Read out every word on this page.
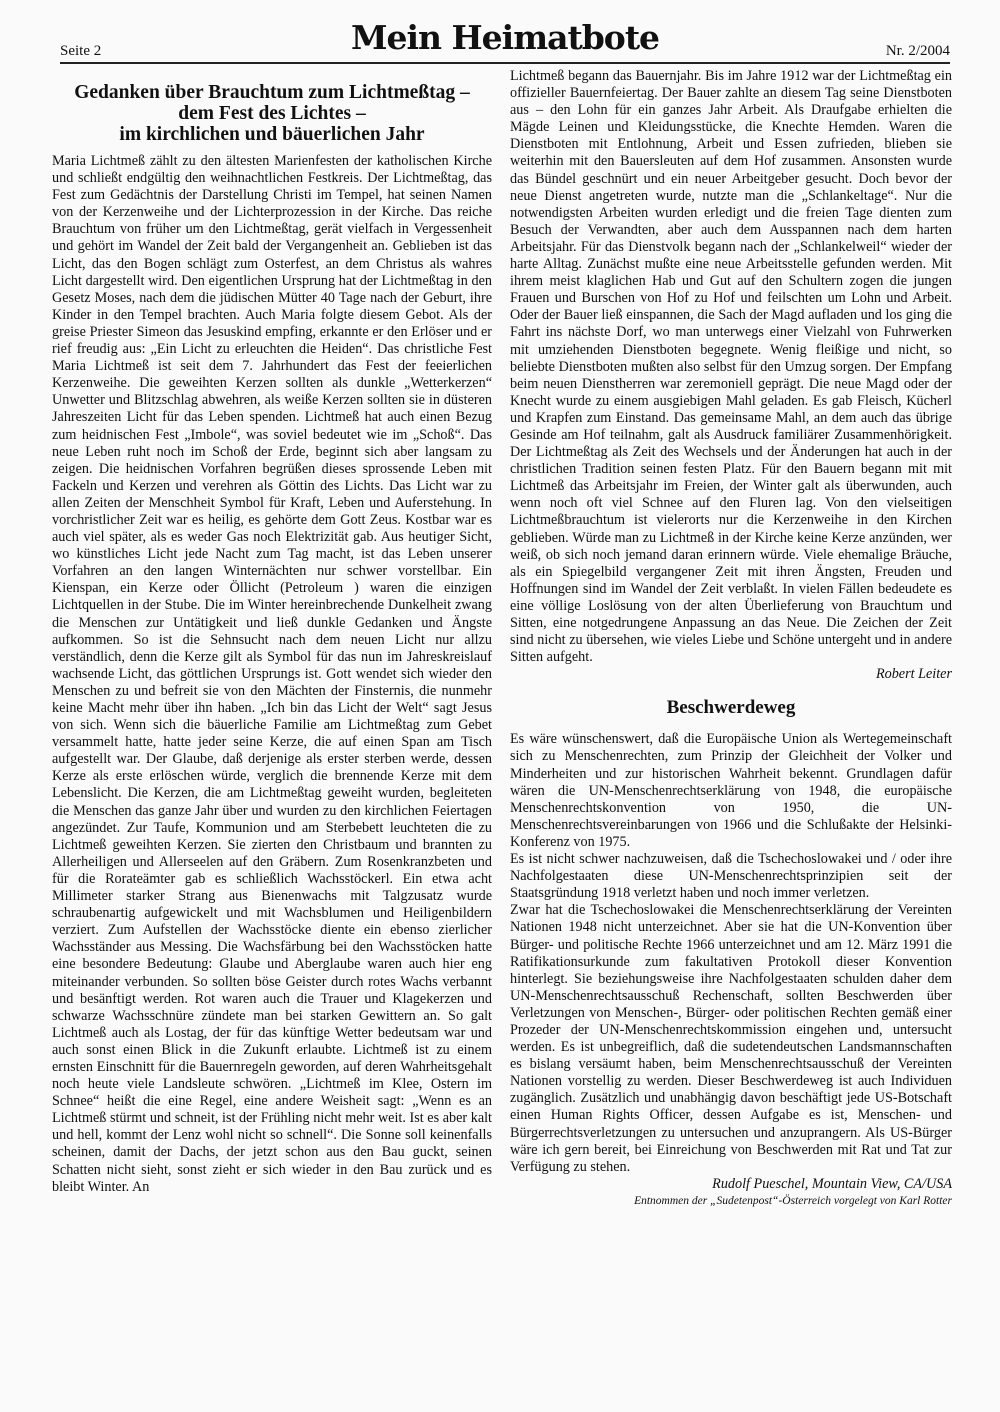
Seite 2	Mein Heimatbote	Nr. 2/2004
Gedanken über Brauchtum zum Lichtmeßtag –
dem Fest des Lichtes –
im kirchlichen und bäuerlichen Jahr

Maria Lichtmeß zählt zu den ältesten Marienfesten der katholischen Kirche und schließt endgültig den weihnachtlichen Festkreis. Der Lichtmeßtag, das Fest zum Gedächtnis der Darstellung Christi im Tempel, hat seinen Namen von der Kerzenweihe und der Lichterprozession in der Kirche. Das reiche Brauchtum von früher um den Lichtmeßtag, gerät vielfach in Vergessenheit und gehört im Wandel der Zeit bald der Vergangenheit an. Geblieben ist das Licht, das den Bogen schlägt zum Osterfest, an dem Christus als wahres Licht dargestellt wird. Den eigentlichen Ursprung hat der Lichtmeßtag in den Gesetz Moses, nach dem die jüdischen Mütter 40 Tage nach der Geburt, ihre Kinder in den Tempel brachten. Auch Maria folgte diesem Gebot. Als der greise Priester Simeon das Jesuskind empfing, erkannte er den Erlöser und er rief freudig aus: „Ein Licht zu erleuchten die Heiden“. Das christliche Fest Maria Lichtmeß ist seit dem 7. Jahrhundert das Fest der feeierlichen Kerzenweihe. Die geweihten Kerzen sollten als dunkle „Wetterkerzen“ Unwetter und Blitzschlag abwehren, als weiße Kerzen sollten sie in düsteren Jahreszeiten Licht für das Leben spenden. Lichtmeß hat auch einen Bezug zum heidnischen Fest „Imbole“, was soviel bedeutet wie im „Schoß“. Das neue Leben ruht noch im Schoß der Erde, beginnt sich aber langsam zu zeigen. Die heidnischen Vorfahren begrüßen dieses sprossende Leben mit Fackeln und Kerzen und verehren als Göttin des Lichts. Das Licht war zu allen Zeiten der Menschheit Symbol für Kraft, Leben und Auferstehung. In vorchristlicher Zeit war es heilig, es gehörte dem Gott Zeus. Kostbar war es auch viel später, als es weder Gas noch Elektrizität gab. Aus heutiger Sicht, wo künstliches Licht jede Nacht zum Tag macht, ist das Leben unserer Vorfahren an den langen Winternächten nur schwer vorstellbar. Ein Kienspan, ein Kerze oder Öllicht (Petroleum ) waren die einzigen Lichtquellen in der Stube. Die im Winter hereinbrechende Dunkelheit zwang die Menschen zur Untätigkeit und ließ dunkle Gedanken und Ängste aufkommen. So ist die Sehnsucht nach dem neuen Licht nur allzu verständlich, denn die Kerze gilt als Symbol für das nun im Jahreskreislauf wachsende Licht, das göttlichen Ursprungs ist. Gott wendet sich wieder den Menschen zu und befreit sie von den Mächten der Finsternis, die nunmehr keine Macht mehr über ihn haben. „Ich bin das Licht der Welt“ sagt Jesus von sich. Wenn sich die bäuerliche Familie am Lichtmeßtag zum Gebet versammelt hatte, hatte jeder seine Kerze, die auf einen Span am Tisch aufgestellt war. Der Glaube, daß derjenige als erster sterben werde, dessen Kerze als erste erlöschen würde, verglich die brennende Kerze mit dem Lebenslicht. Die Kerzen, die am Lichtmeßtag geweiht wurden, begleiteten die Menschen das ganze Jahr über und wurden zu den kirchlichen Feiertagen angezündet. Zur Taufe, Kommunion und am Sterbebett leuchteten die zu Lichtmeß geweihten Kerzen. Sie zierten den Christbaum und brannten zu Allerheiligen und Allerseelen auf den Gräbern. Zum Rosenkranzbeten und für die Rorateämter gab es schließlich Wachsstöckerl. Ein etwa acht Millimeter starker Strang aus Bienenwachs mit Talgzusatz wurde schraubenartig aufgewickelt und mit Wachsblumen und Heiligenbildern verziert. Zum Aufstellen der Wachsstöcke diente ein ebenso zierlicher Wachsständer aus Messing. Die Wachsfärbung bei den Wachsstöcken hatte eine besondere Bedeutung: Glaube und Aberglaube waren auch hier eng miteinander verbunden. So sollten böse Geister durch rotes Wachs verbannt und besänftigt werden. Rot waren auch die Trauer und Klagekerzen und schwarze Wachsschnüre zündete man bei starken Gewittern an. So galt Lichtmeß auch als Lostag, der für das künftige Wetter bedeutsam war und auch sonst einen Blick in die Zukunft erlaubte. Lichtmeß ist zu einem ernsten Einschnitt für die Bauernregeln geworden, auf deren Wahrheitsgehalt noch heute viele Landsleute schwören. „Lichtmeß im Klee, Ostern im Schnee“ heißt die eine Regel, eine andere Weisheit sagt: „Wenn es an Lichtmeß stürmt und schneit, ist der Frühling nicht mehr weit. Ist es aber kalt und hell, kommt der Lenz wohl nicht so schnell“. Die Sonne soll keinenfalls scheinen, damit der Dachs, der jetzt schon aus den Bau guckt, seinen Schatten nicht sieht, sonst zieht er sich wieder in den Bau zurück und es bleibt Winter. An

Lichtmeß begann das Bauernjahr. Bis im Jahre 1912 war der Lichtmeßtag ein offizieller Bauernfeiertag. Der Bauer zahlte an diesem Tag seine Dienstboten aus – den Lohn für ein ganzes Jahr Arbeit. Als Draufgabe erhielten die Mägde Leinen und Kleidungsstücke, die Knechte Hemden. Waren die Dienstboten mit Entlohnung, Arbeit und Essen zufrieden, blieben sie weiterhin mit den Bauersleuten auf dem Hof zusammen. Ansonsten wurde das Bündel geschnürt und ein neuer Arbeitgeber gesucht. Doch bevor der neue Dienst angetreten wurde, nutzte man die „Schlankeltage“. Nur die notwendigsten Arbeiten wurden erledigt und die freien Tage dienten zum Besuch der Verwandten, aber auch dem Ausspannen nach dem harten Arbeitsjahr. Für das Dienstvolk begann nach der „Schlankelweil“ wieder der harte Alltag. Zunächst mußte eine neue Arbeitsstelle gefunden werden. Mit ihrem meist klaglichen Hab und Gut auf den Schultern zogen die jungen Frauen und Burschen von Hof zu Hof und feilschten um Lohn und Arbeit. Oder der Bauer ließ einspannen, die Sach der Magd aufladen und los ging die Fahrt ins nächste Dorf, wo man unterwegs einer Vielzahl von Fuhrwerken mit umziehenden Dienstboten begegnete. Wenig fleißige und nicht, so beliebte Dienstboten mußten also selbst für den Umzug sorgen. Der Empfang beim neuen Dienstherren war zeremoniell geprägt. Die neue Magd oder der Knecht wurde zu einem ausgiebigen Mahl geladen. Es gab Fleisch, Kücherl und Krapfen zum Einstand. Das gemeinsame Mahl, an dem auch das übrige Gesinde am Hof teilnahm, galt als Ausdruck familiärer Zusammenhörigkeit. Der Lichtmeßtag als Zeit des Wechsels und der Änderungen hat auch in der christlichen Tradition seinen festen Platz. Für den Bauern begann mit mit Lichtmeß das Arbeitsjahr im Freien, der Winter galt als überwunden, auch wenn noch oft viel Schnee auf den Fluren lag. Von den vielseitigen Lichtmeßbrauchtum ist vielerorts nur die Kerzenweihe in den Kirchen geblieben. Würde man zu Lichtmeß in der Kirche keine Kerze anzünden, wer weiß, ob sich noch jemand daran erinnern würde. Viele ehemalige Bräuche, als ein Spiegelbild vergangener Zeit mit ihren Ängsten, Freuden und Hoffnungen sind im Wandel der Zeit verblaßt. In vielen Fällen bedeudete es eine völlige Loslösung von der alten Überlieferung von Brauchtum und Sitten, eine notgedrungene Anpassung an das Neue. Die Zeichen der Zeit sind nicht zu übersehen, wie vieles Liebe und Schöne untergeht und in andere Sitten aufgeht.

Robert Leiter

Beschwerdeweg

Es wäre wünschenswert, daß die Europäische Union als Wertegemeinschaft sich zu Menschenrechten, zum Prinzip der Gleichheit der Volker und Minderheiten und zur historischen Wahrheit bekennt. Grundlagen dafür wären die UN-Menschenrechtserklärung von 1948, die europäische Menschenrechtskonvention von 1950, die UN-Menschenrechtsvereinbarungen von 1966 und die Schlußakte der Helsinki-Konferenz von 1975.

Es ist nicht schwer nachzuweisen, daß die Tschechoslowakei und / oder ihre Nachfolgestaaten diese UN-Menschenrechtsprinzipien seit der Staatsgründung 1918 verletzt haben und noch immer verletzen.

Zwar hat die Tschechoslowakei die Menschenrechtserklärung der Vereinten Nationen 1948 nicht unterzeichnet. Aber sie hat die UN-Konvention über Bürger- und politische Rechte 1966 unterzeichnet und am 12. März 1991 die Ratifikationsurkunde zum fakultativen Protokoll dieser Konvention hinterlegt. Sie beziehungsweise ihre Nachfolgestaaten schulden daher dem UN-Menschenrechtsausschuß Rechenschaft, sollten Beschwerden über Verletzungen von Menschen-, Bürger- oder politischen Rechten gemäß einer Prozeder der UN-Menschenrechtskommission eingehen und, untersucht werden. Es ist unbegreiflich, daß die sudetendeutschen Landsmannschaften es bislang versäumt haben, beim Menschenrechtsausschuß der Vereinten Nationen vorstellig zu werden. Dieser Beschwerdeweg ist auch Individuen zugänglich. Zusätzlich und unabhängig davon beschäftigt jede US-Botschaft einen Human Rights Officer, dessen Aufgabe es ist, Menschen- und Bürgerrechtsverletzungen zu untersuchen und anzuprangern. Als US-Bürger wäre ich gern bereit, bei Einreichung von Beschwerden mit Rat und Tat zur Verfügung zu stehen.

Rudolf Pueschel, Mountain View, CA/USA

Entnommen der „Sudetenpost“-Österreich vorgelegt von Karl Rotter
